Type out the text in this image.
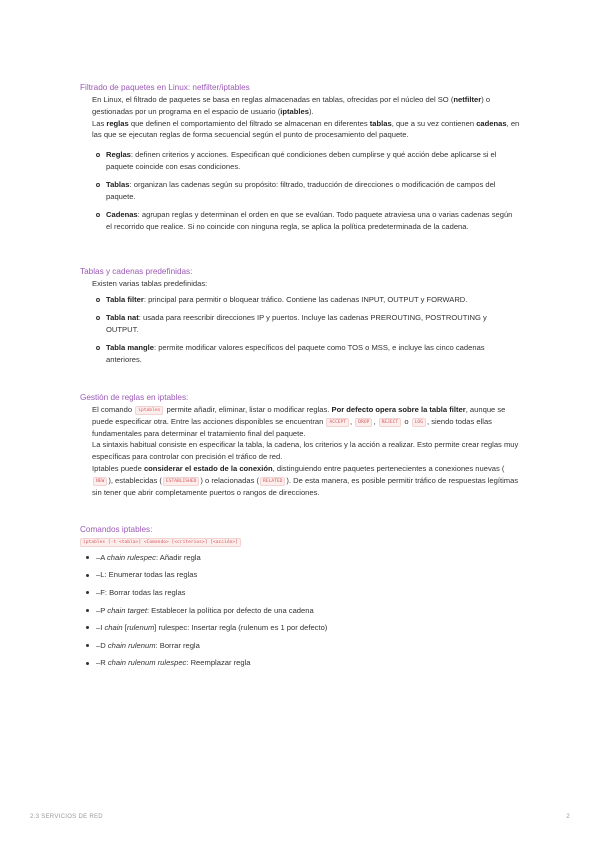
Filtrado de paquetes en Linux: netfilter/iptables
En Linux, el filtrado de paquetes se basa en reglas almacenadas en tablas, ofrecidas por el núcleo del SO (netfilter) o gestionadas por un programa en el espacio de usuario (iptables).
Las reglas que definen el comportamiento del filtrado se almacenan en diferentes tablas, que a su vez contienen cadenas, en las que se ejecutan reglas de forma secuencial según el punto de procesamiento del paquete.
Reglas: definen criterios y acciones. Especifican qué condiciones deben cumplirse y qué acción debe aplicarse si el paquete coincide con esas condiciones.
Tablas: organizan las cadenas según su propósito: filtrado, traducción de direcciones o modificación de campos del paquete.
Cadenas: agrupan reglas y determinan el orden en que se evalúan. Todo paquete atraviesa una o varias cadenas según el recorrido que realice. Si no coincide con ninguna regla, se aplica la política predeterminada de la cadena.
Tablas y cadenas predefinidas:
Existen varias tablas predefinidas:
Tabla filter: principal para permitir o bloquear tráfico. Contiene las cadenas INPUT, OUTPUT y FORWARD.
Tabla nat: usada para reescribir direcciones IP y puertos. Incluye las cadenas PREROUTING, POSTROUTING y OUTPUT.
Tabla mangle: permite modificar valores específicos del paquete como TOS o MSS, e incluye las cinco cadenas anteriores.
Gestión de reglas en iptables:
El comando iptables permite añadir, eliminar, listar o modificar reglas. Por defecto opera sobre la tabla filter, aunque se puede especificar otra. Entre las acciones disponibles se encuentran ACCEPT , DROP , REJECT o LOG , siendo todas ellas fundamentales para determinar el tratamiento final del paquete.
La sintaxis habitual consiste en especificar la tabla, la cadena, los criterios y la acción a realizar. Esto permite crear reglas muy específicas para controlar con precisión el tráfico de red.
Iptables puede considerar el estado de la conexión, distinguiendo entre paquetes pertenecientes a conexiones nuevas (NEW ), establecidas ( ESTABLISHED ) o relacionadas ( RELATED ). De esta manera, es posible permitir tráfico de respuestas legítimas sin tener que abrir completamente puertos o rangos de direcciones.
Comandos iptables:
iptables [-t <tabla>] <Comando> [<criterios>] [<acción>]
–A chain rulespec: Añadir regla
–L: Enumerar todas las reglas
–F: Borrar todas las reglas
–P chain target: Establecer la política por defecto de una cadena
–I chain [rulenum] rulespec: Insertar regla (rulenum es 1 por defecto)
–D chain rulenum: Borrar regla
–R chain rulenum rulespec: Reemplazar regla
2.3 SERVICIOS DE RED	2
